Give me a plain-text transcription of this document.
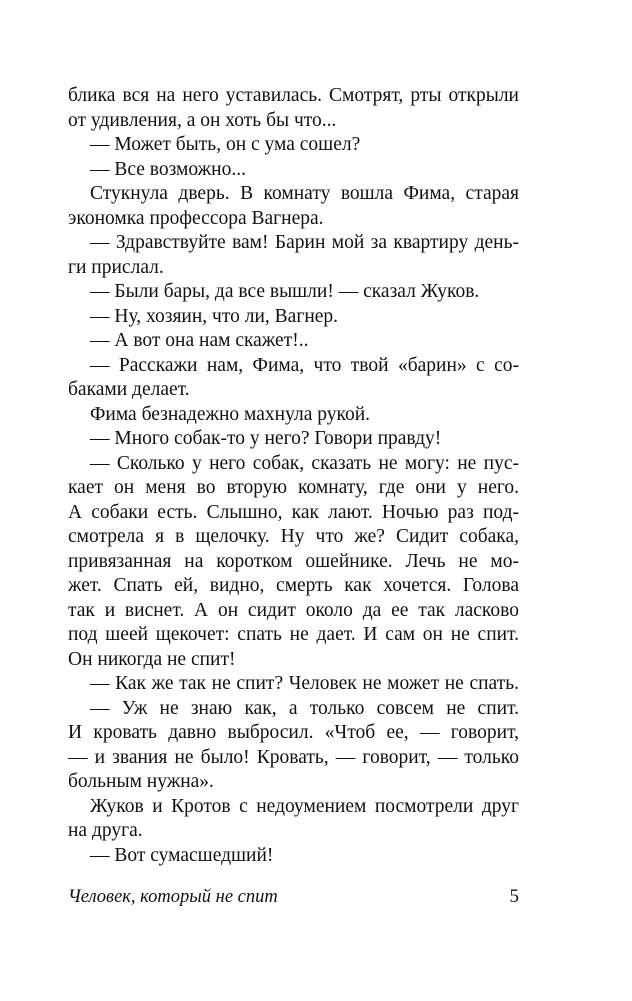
блика вся на него уставилась. Смотрят, рты открыли
от удивления, а он хоть бы что...
— Может быть, он с ума сошел?
— Все возможно...
Стукнула дверь. В комнату вошла Фима, старая
экономка профессора Вагнера.
— Здравствуйте вам! Барин мой за квартиру день-
ги прислал.
— Были бары, да все вышли! — сказал Жуков.
— Ну, хозяин, что ли, Вагнер.
— А вот она нам скажет!..
— Расскажи нам, Фима, что твой «барин» с со-
баками делает.
Фима безнадежно махнула рукой.
— Много собак-то у него? Говори правду!
— Сколько у него собак, сказать не могу: не пус-
кает он меня во вторую комнату, где они у него.
А собаки есть. Слышно, как лают. Ночью раз под-
смотрела я в щелочку. Ну что же? Сидит собака,
привязанная на коротком ошейнике. Лечь не мо-
жет. Спать ей, видно, смерть как хочется. Голова
так и виснет. А он сидит около да ее так ласково
под шеей щекочет: спать не дает. И сам он не спит.
Он никогда не спит!
— Как же так не спит? Человек не может не спать.
— Уж не знаю как, а только совсем не спит.
И кровать давно выбросил. «Чтоб ее, — говорит,
— и звания не было! Кровать, — говорит, — только
больным нужна».
Жуков и Кротов с недоумением посмотрели друг
на друга.
— Вот сумасшедший!
Человек, который не спит	5
